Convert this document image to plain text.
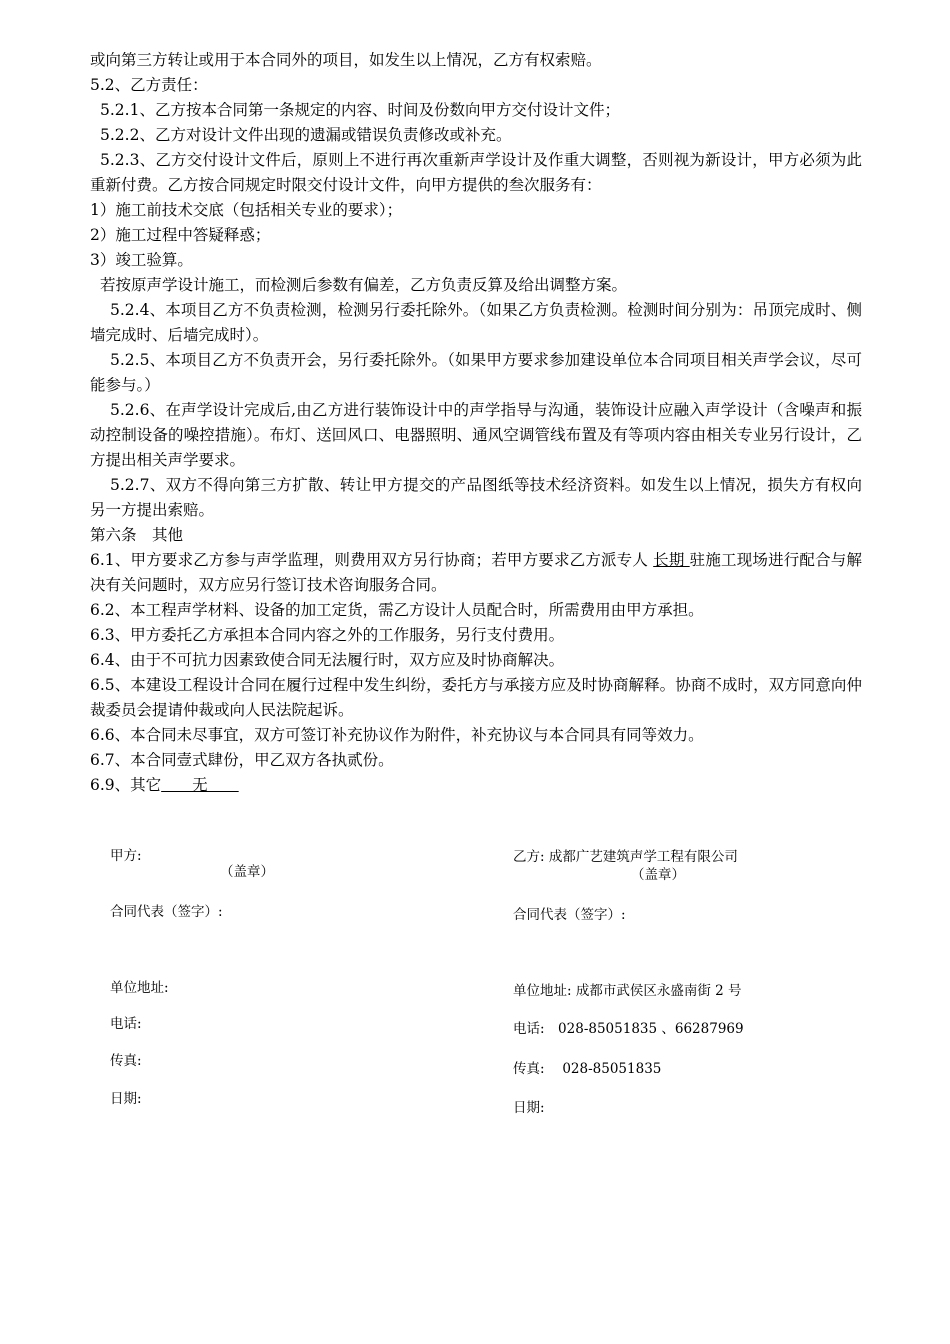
或向第三方转让或用于本合同外的项目，如发生以上情况，乙方有权索赔。

5.2、乙方责任：

5.2.1、乙方按本合同第一条规定的内容、时间及份数向甲方交付设计文件；

5.2.2、乙方对设计文件出现的遗漏或错误负责修改或补充。

5.2.3、乙方交付设计文件后，原则上不进行再次重新声学设计及作重大调整，否则视为新设计，甲方必须为此重新付费。乙方按合同规定时限交付设计文件，向甲方提供的叁次服务有：

1）施工前技术交底（包括相关专业的要求）；

2）施工过程中答疑释惑；

3）竣工验算。

若按原声学设计施工，而检测后参数有偏差，乙方负责反算及给出调整方案。

5.2.4、本项目乙方不负责检测，检测另行委托除外。（如果乙方负责检测。检测时间分别为：吊顶完成时、侧墙完成时、后墙完成时）。

5.2.5、本项目乙方不负责开会，另行委托除外。（如果甲方要求参加建设单位本合同项目相关声学会议，尽可能参与。）

5.2.6、在声学设计完成后,由乙方进行装饰设计中的声学指导与沟通，装饰设计应融入声学设计（含噪声和振动控制设备的噪控措施）。布灯、送回风口、电器照明、通风空调管线布置及有等项内容由相关专业另行设计，乙方提出相关声学要求。

5.2.7、双方不得向第三方扩散、转让甲方提交的产品图纸等技术经济资料。如发生以上情况，损失方有权向另一方提出索赔。

第六条　其他

6.1、甲方要求乙方参与声学监理，则费用双方另行协商；若甲方要求乙方派专人 长期 驻施工现场进行配合与解决有关问题时，双方应另行签订技术咨询服务合同。

6.2、本工程声学材料、设备的加工定货，需乙方设计人员配合时，所需费用由甲方承担。

6.3、甲方委托乙方承担本合同内容之外的工作服务，另行支付费用。

6.4、由于不可抗力因素致使合同无法履行时，双方应及时协商解决。

6.5、本建设工程设计合同在履行过程中发生纠纷，委托方与承接方应及时协商解释。协商不成时，双方同意向仲裁委员会提请仲裁或向人民法院起诉。

6.6、本合同未尽事宜，双方可签订补充协议作为附件，补充协议与本合同具有同等效力。

6.7、本合同壹式肆份，甲乙双方各执贰份。

6.9、其它　　无　　

甲方:
（盖章）
合同代表（签字）:
单位地址:
电话:
传真:
日期:
乙方: 成都广艺建筑声学工程有限公司
（盖章）
合同代表（签字）:
单位地址: 成都市武侯区永盛南街 2 号
电话:　028-85051835 、66287969
传真:　 028-85051835
日期:
